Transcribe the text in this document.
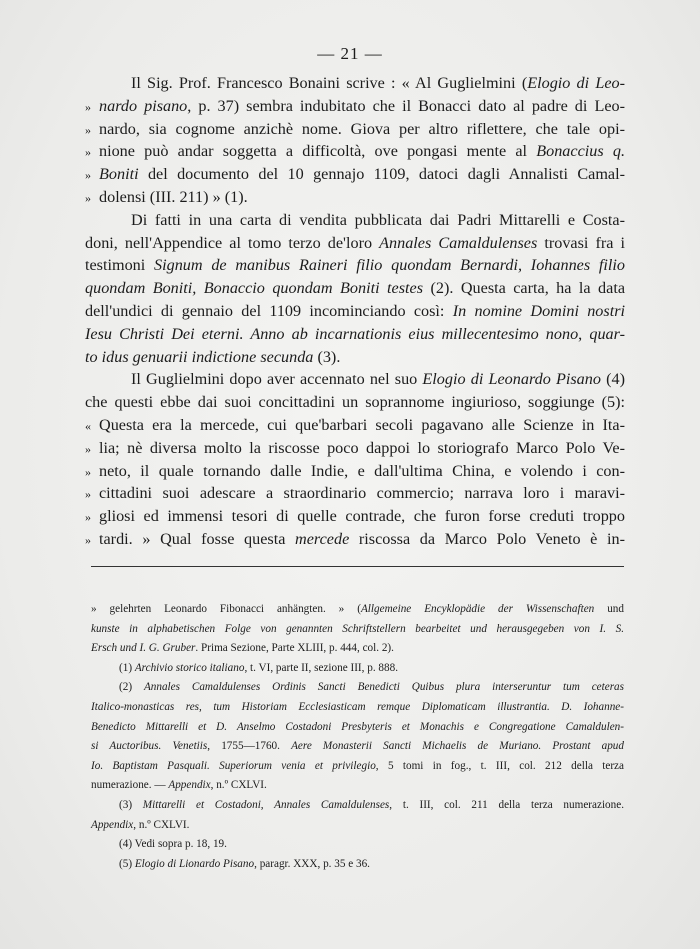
— 21 —
Il Sig. Prof. Francesco Bonaini scrive : « Al Guglielmini (Elogio di Leo-
» nardo pisano, p. 37) sembra indubitato che il Bonacci dato al padre di Leo-
» nardo, sia cognome anzichè nome. Giova per altro riflettere, che tale opi-
» nione può andar soggetta a difficoltà, ove pongasi mente al Bonaccius q.
» Boniti del documento del 10 gennajo 1109, datoci dagli Annalisti Camal-
» dolensi (III. 211) » (1).
Di fatti in una carta di vendita pubblicata dai Padri Mittarelli e Costa-
doni, nell'Appendice al tomo terzo de'loro Annales Camaldulenses trovasi fra i
testimoni Signum de manibus Raineri filio quondam Bernardi, Iohannes filio
quondam Boniti, Bonaccio quondam Boniti testes (2). Questa carta, ha la data
dell'undici di gennaio del 1109 incominciando così: In nomine Domini nostri
Iesu Christi Dei eterni. Anno ab incarnationis eius millecentesimo nono, quar-
to idus genuarii indictione secunda (3).
Il Guglielmini dopo aver accennato nel suo Elogio di Leonardo Pisano (4)
che questi ebbe dai suoi concittadini un soprannome ingiurioso, soggiunge (5):
« Questa era la mercede, cui que'barbari secoli pagavano alle Scienze in Ita-
» lia; nè diversa molto la riscosse poco dappoi lo storiografo Marco Polo Ve-
» neto, il quale tornando dalle Indie, e dall'ultima China, e volendo i con-
» cittadini suoi adescare a straordinario commercio; narrava loro i maravi-
» gliosi ed immensi tesori di quelle contrade, che furon forse creduti troppo
» tardi. » Qual fosse questa mercede riscossa da Marco Polo Veneto è in-
» gelehrten Leonardo Fibonacci anhängten. » (Allgemeine Encyklopädie der Wissenschaften und
kunste in alphabetischen Folge von genannten Schriftstellern bearbeitet und herausgegeben von I. S.
Ersch und I. G. Gruber. Prima Sezione, Parte XLIII, p. 444, col. 2).
(1) Archivio storico italiano, t. VI, parte II, sezione III, p. 888.
(2) Annales Camaldulenses Ordinis Sancti Benedicti Quibus plura interseruntur tum ceteras
Italico-monasticas res, tum Historiam Ecclesiasticam remque Diplomaticam illustrantia. D. Iohanne-
Benedicto Mittarelli et D. Anselmo Costadoni Presbyteris et Monachis e Congregatione Camaldulen-
si Auctoribus. Venetiis, 1755—1760. Aere Monasterii Sancti Michaelis de Muriano. Prostant apud
Io. Baptistam Pasquali. Superiorum venia et privilegio, 5 tomi in fog., t. III, col. 212 della terza
numerazione. — Appendix, n.º CXLVI.
(3) Mittarelli et Costadoni, Annales Camaldulenses, t. III, col. 211 della terza numerazione.
Appendix, n.º CXLVI.
(4) Vedi sopra p. 18, 19.
(5) Elogio di Lionardo Pisano, paragr. XXX, p. 35 e 36.
